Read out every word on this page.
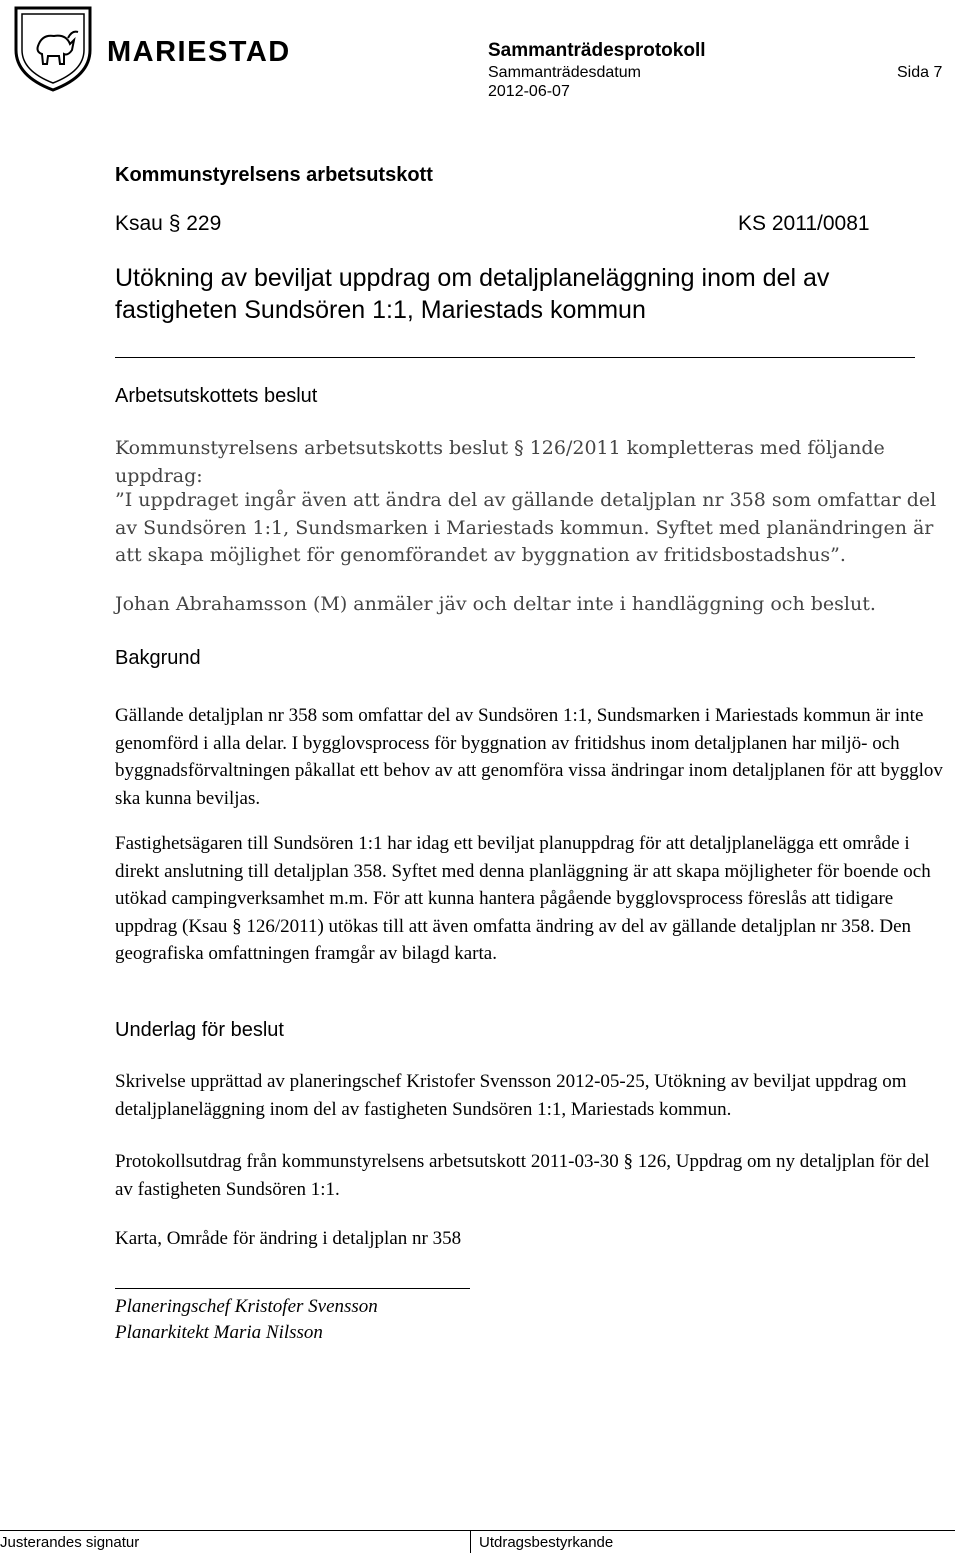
MARIESTAD	Sammanträdesprotokoll
Sammanträdesdatum
2012-06-07
Sida 7
Kommunstyrelsens arbetsutskott
Ksau § 229	KS 2011/0081
Utökning av beviljat uppdrag om detaljplaneläggning inom del av
fastigheten Sundsören 1:1, Mariestads kommun
Arbetsutskottets beslut
Kommunstyrelsens arbetsutskotts beslut § 126/2011 kompletteras med följande uppdrag:
”I uppdraget ingår även att ändra del av gällande detaljplan nr 358 som omfattar del av Sundsören 1:1, Sundsmarken i Mariestads kommun. Syftet med planändringen är att skapa möjlighet för genomförandet av byggnation av fritidsbostadshus”.
Johan Abrahamsson (M) anmäler jäv och deltar inte i handläggning och beslut.
Bakgrund
Gällande detaljplan nr 358 som omfattar del av Sundsören 1:1, Sundsmarken i Mariestads kommun är inte genomförd i alla delar. I bygglovsprocess för byggnation av fritidshus inom detaljplanen har miljö- och byggnadsförvaltningen påkallat ett behov av att genomföra vissa ändringar inom detaljplanen för att bygglov ska kunna beviljas.
Fastighetsägaren till Sundsören 1:1 har idag ett beviljat planuppdrag för att detaljplanelägga ett område i direkt anslutning till detaljplan 358. Syftet med denna planläggning är att skapa möjligheter för boende och utökad campingverksamhet m.m. För att kunna hantera pågående bygglovsprocess föreslås att tidigare uppdrag (Ksau § 126/2011) utökas till att även omfatta ändring av del av gällande detaljplan nr 358. Den geografiska omfattningen framgår av bilagd karta.
Underlag för beslut
Skrivelse upprättad av planeringschef Kristofer Svensson 2012-05-25, Utökning av beviljat uppdrag om detaljplaneläggning inom del av fastigheten Sundsören 1:1, Mariestads kommun.
Protokollsutdrag från kommunstyrelsens arbetsutskott 2011-03-30 § 126, Uppdrag om ny detaljplan för del av fastigheten Sundsören 1:1.
Karta, Område för ändring i detaljplan nr 358
Planeringschef Kristofer Svensson
Planarkitekt Maria Nilsson
Justerandes signatur	Utdragsbestyrkande
